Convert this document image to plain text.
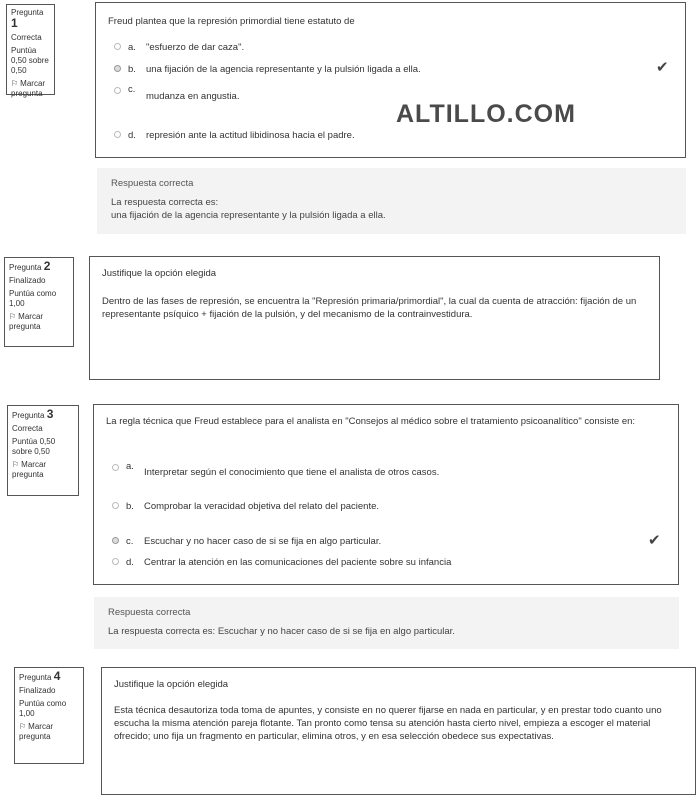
Pregunta 1
Correcta
Puntúa 0,50 sobre 0,50
⚐ Marcar pregunta
Freud plantea que la represión primordial tiene estatuto de
a.	"esfuerzo de dar caza".
b.	una fijación de la agencia representante y la pulsión ligada a ella.
c.
mudanza en angustia.
d.	represión ante la actitud libidinosa hacia el padre.
✔
ALTILLO.COM
Respuesta correcta
La respuesta correcta es:
una fijación de la agencia representante y la pulsión ligada a ella.
Pregunta 2
Finalizado
Puntúa como 1,00
⚐ Marcar pregunta
Justifique la opción elegida
Dentro de las fases de represión, se encuentra la "Represión primaria/primordial", la cual da cuenta de atracción: fijación de un representante psíquico + fijación de la pulsión, y del mecanismo de la contrainvestidura.
Pregunta 3
Correcta
Puntúa 0,50 sobre 0,50
⚐ Marcar pregunta
La regla técnica que Freud establece para el analista en "Consejos al médico sobre el tratamiento psicoanalítico" consiste en:
a.
Interpretar según el conocimiento que tiene el analista de otros casos.
b.	Comprobar la veracidad objetiva del relato del paciente.
c.	Escuchar y no hacer caso de si se fija en algo particular.
d.	Centrar la atención en las comunicaciones del paciente sobre su infancia
✔
Respuesta correcta
La respuesta correcta es: Escuchar y no hacer caso de si se fija en algo particular.
Pregunta 4
Finalizado
Puntúa como 1,00
⚐ Marcar pregunta
Justifique la opción elegida
Esta técnica desautoriza toda toma de apuntes, y consiste en no querer fijarse en nada en particular, y en prestar todo cuanto uno escucha la misma atención pareja flotante. Tan pronto como tensa su atención hasta cierto nivel, empieza a escoger el material ofrecido; uno fija un fragmento en particular, elimina otros, y en esa selección obedece sus expectativas.
